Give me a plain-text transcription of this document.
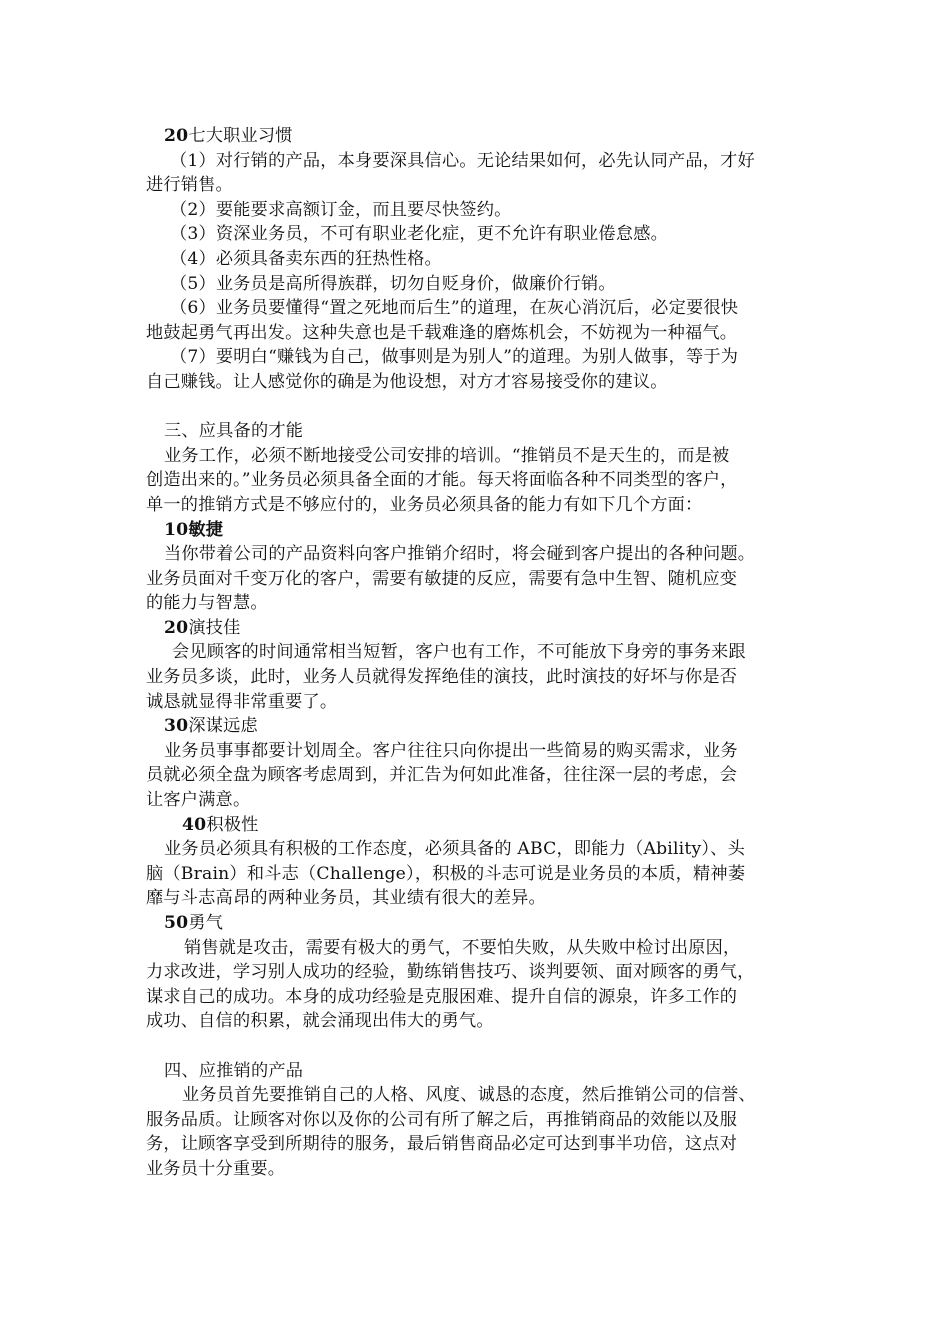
20七大职业习惯
（1）对行销的产品，本身要深具信心。无论结果如何，必先认同产品，才好
进行销售。
（2）要能要求高额订金，而且要尽快签约。
（3）资深业务员，不可有职业老化症，更不允许有职业倦怠感。
（4）必须具备卖东西的狂热性格。
（5）业务员是高所得族群，切勿自贬身价，做廉价行销。
（6）业务员要懂得“置之死地而后生”的道理，在灰心消沉后，必定要很快
地鼓起勇气再出发。这种失意也是千载难逢的磨炼机会，不妨视为一种福气。
（7）要明白“赚钱为自己，做事则是为别人”的道理。为别人做事，等于为
自己赚钱。让人感觉你的确是为他设想，对方才容易接受你的建议。
三、应具备的才能
业务工作，必须不断地接受公司安排的培训。“推销员不是天生的，而是被
创造出来的。”业务员必须具备全面的才能。每天将面临各种不同类型的客户，
单一的推销方式是不够应付的，业务员必须具备的能力有如下几个方面：
10敏捷
当你带着公司的产品资料向客户推销介绍时，将会碰到客户提出的各种问题。
业务员面对千变万化的客户，需要有敏捷的反应，需要有急中生智、随机应变
的能力与智慧。
20演技佳
会见顾客的时间通常相当短暂，客户也有工作，不可能放下身旁的事务来跟
业务员多谈，此时，业务人员就得发挥绝佳的演技，此时演技的好坏与你是否
诚恳就显得非常重要了。
30深谋远虑
业务员事事都要计划周全。客户往往只向你提出一些简易的购买需求，业务
员就必须全盘为顾客考虑周到，并汇告为何如此准备，往往深一层的考虑，会
让客户满意。
40积极性
业务员必须具有积极的工作态度，必须具备的 ABC，即能力（Ability）、头
脑（Brain）和斗志（Challenge），积极的斗志可说是业务员的本质，精神萎
靡与斗志高昂的两种业务员，其业绩有很大的差异。
50勇气
销售就是攻击，需要有极大的勇气，不要怕失败，从失败中检讨出原因，
力求改进，学习别人成功的经验，勤练销售技巧、谈判要领、面对顾客的勇气，
谋求自己的成功。本身的成功经验是克服困难、提升自信的源泉，许多工作的
成功、自信的积累，就会涌现出伟大的勇气。
四、应推销的产品
业务员首先要推销自己的人格、风度、诚恳的态度，然后推销公司的信誉、
服务品质。让顾客对你以及你的公司有所了解之后，再推销商品的效能以及服
务，让顾客享受到所期待的服务，最后销售商品必定可达到事半功倍，这点对
业务员十分重要。
